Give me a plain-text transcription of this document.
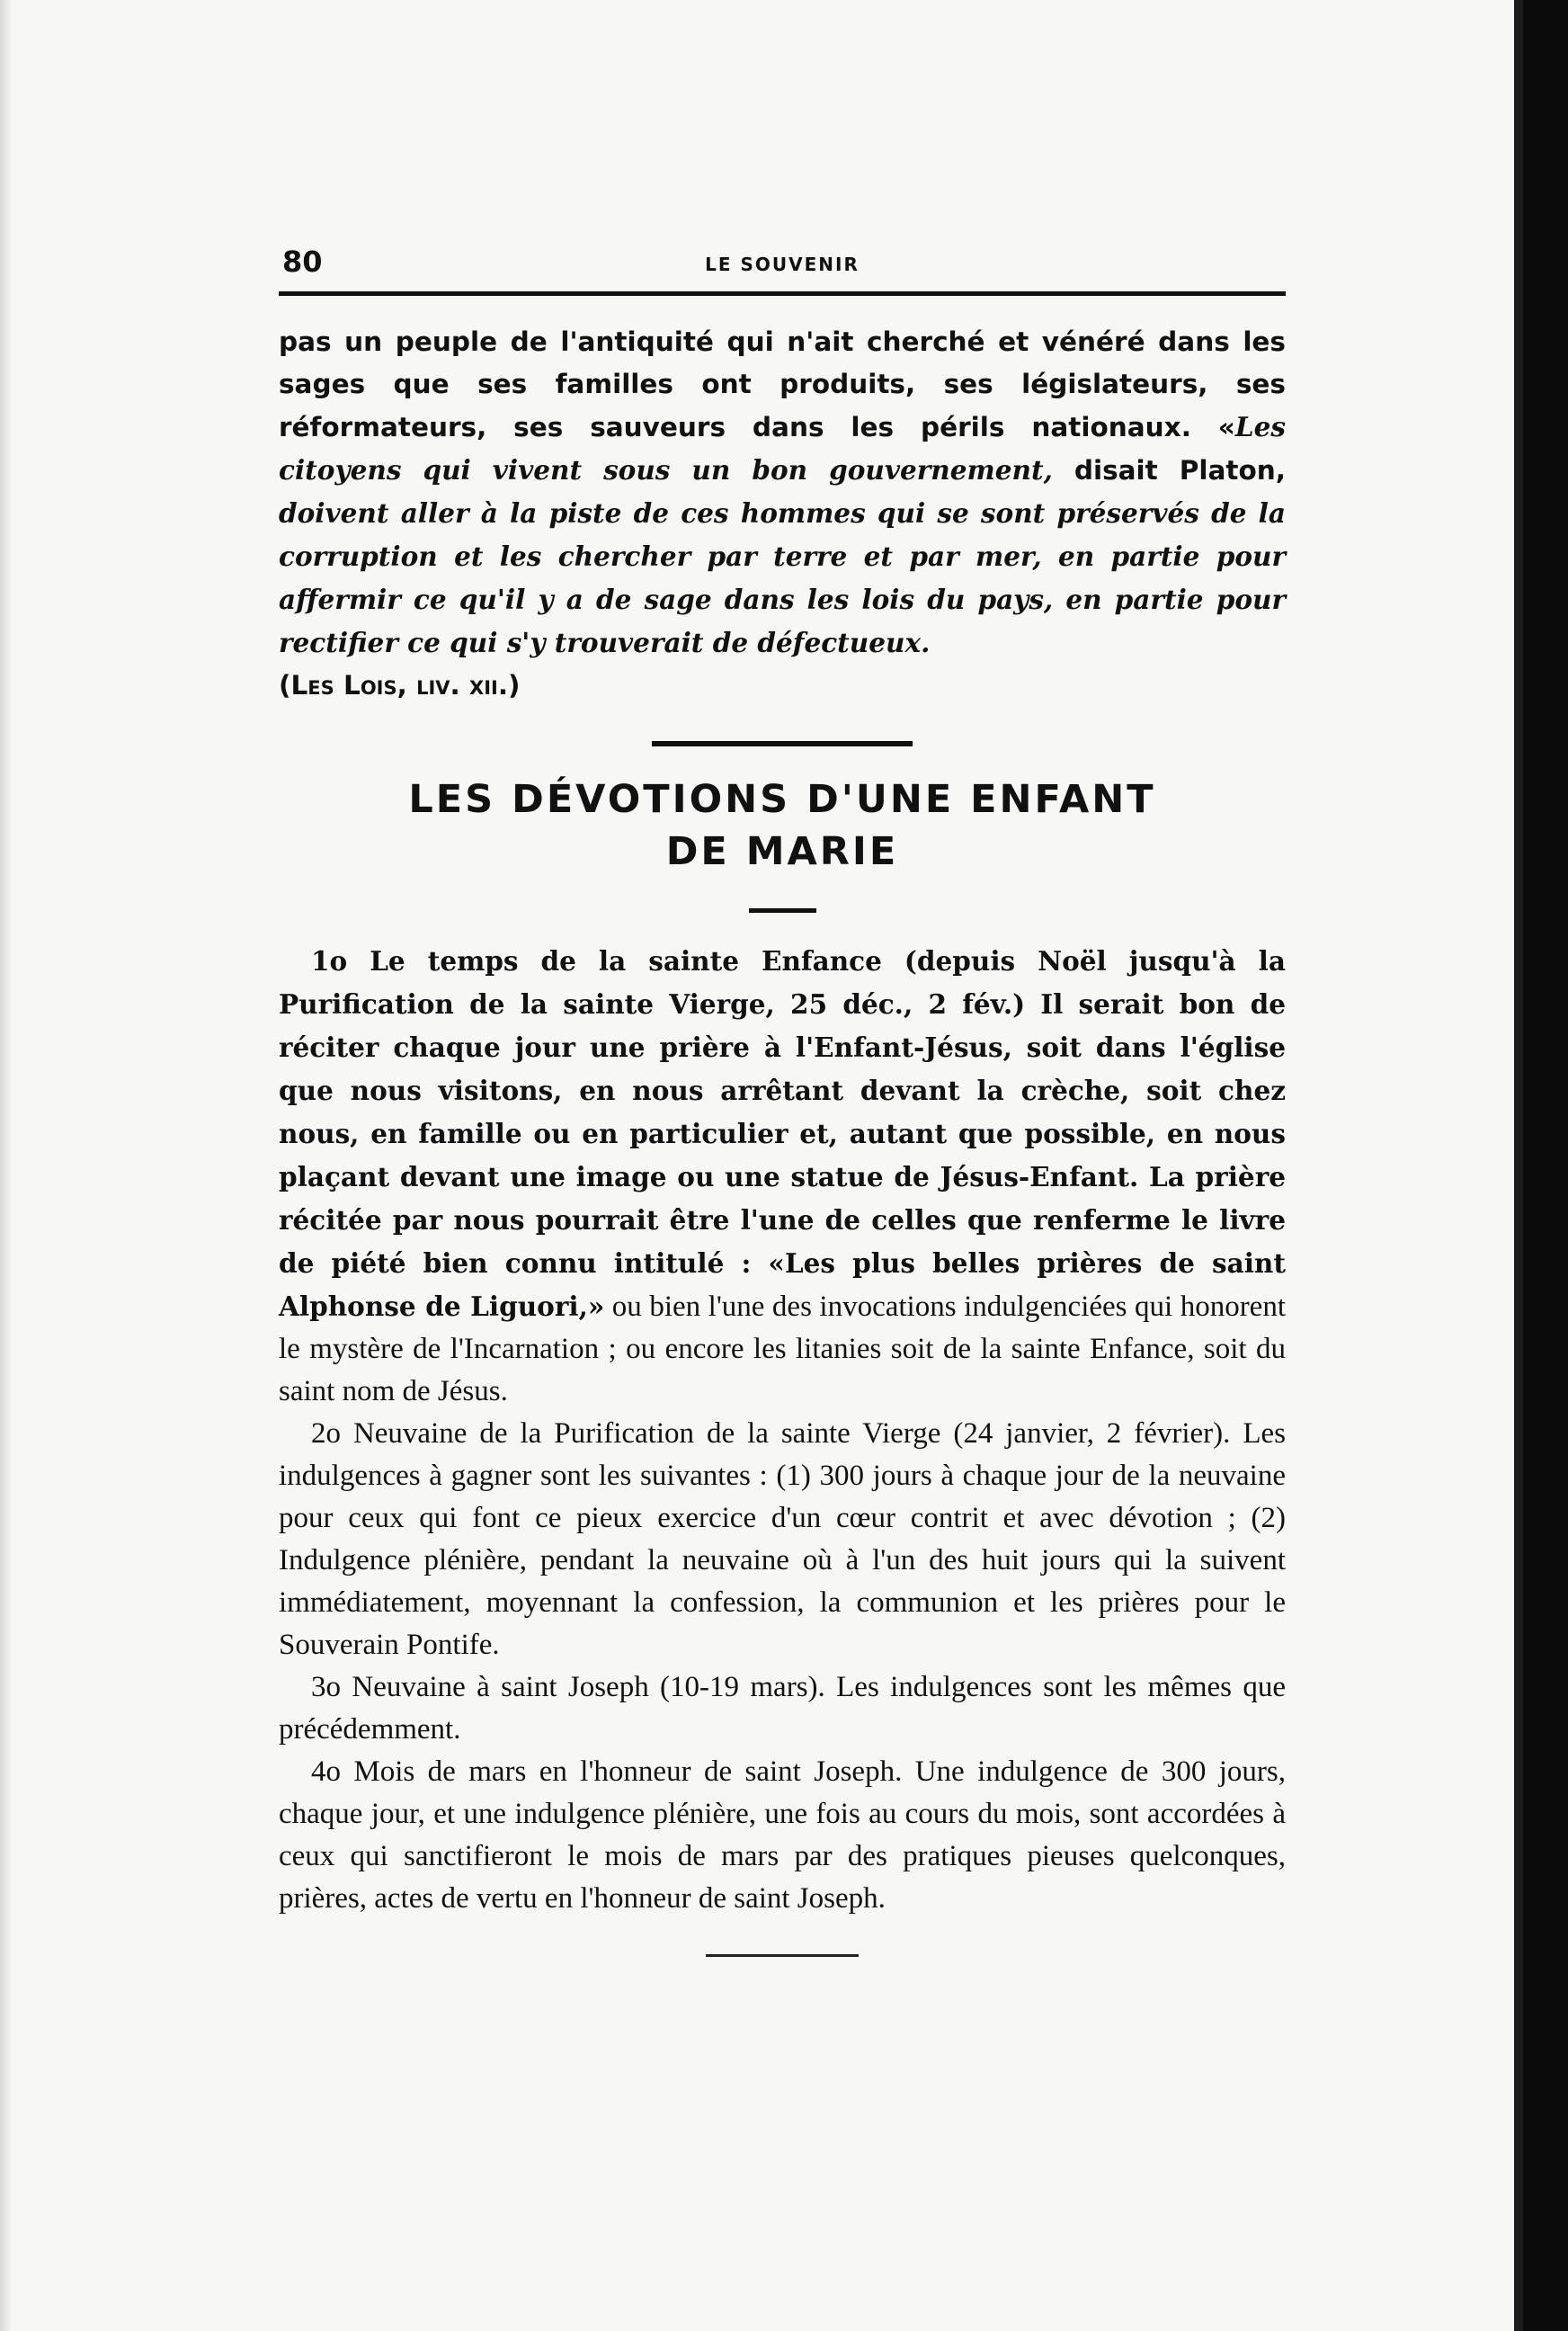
80	LE SOUVENIR

pas un peuple de l'antiquité qui n'ait cherché et vénéré dans les sages que ses familles ont produits, ses législateurs, ses réformateurs, ses sauveurs dans les périls nationaux. «Les citoyens qui vivent sous un bon gouvernement, disait Platon, doivent aller à la piste de ces hommes qui se sont préservés de la corruption et les chercher par terre et par mer, en partie pour affermir ce qu'il y a de sage dans les lois du pays, en partie pour rectifier ce qui s'y trouverait de défectueux.
(Les Lois, liv. xii.)

LES DÉVOTIONS D'UNE ENFANT
DE MARIE

1o Le temps de la sainte Enfance (depuis Noël jusqu'à la Purification de la sainte Vierge, 25 déc., 2 fév.) Il serait bon de réciter chaque jour une prière à l'Enfant-Jésus, soit dans l'église que nous visitons, en nous arrêtant devant la crèche, soit chez nous, en famille ou en particulier et, autant que possible, en nous plaçant devant une image ou une statue de Jésus-Enfant. La prière récitée par nous pourrait être l'une de celles que renferme le livre de piété bien connu intitulé : «Les plus belles prières de saint Alphonse de Liguori,» ou bien l'une des invocations indulgenciées qui honorent le mystère de l'Incarnation ; ou encore les litanies soit de la sainte Enfance, soit du saint nom de Jésus.

2o Neuvaine de la Purification de la sainte Vierge (24 janvier, 2 février). Les indulgences à gagner sont les suivantes : (1) 300 jours à chaque jour de la neuvaine pour ceux qui font ce pieux exercice d'un cœur contrit et avec dévotion ; (2) Indulgence plénière, pendant la neuvaine où à l'un des huit jours qui la suivent immédiatement, moyennant la confession, la communion et les prières pour le Souverain Pontife.

3o Neuvaine à saint Joseph (10-19 mars). Les indulgences sont les mêmes que précédemment.

4o Mois de mars en l'honneur de saint Joseph. Une indulgence de 300 jours, chaque jour, et une indulgence plénière, une fois au cours du mois, sont accordées à ceux qui sanctifieront le mois de mars par des pratiques pieuses quelconques, prières, actes de vertu en l'honneur de saint Joseph.
